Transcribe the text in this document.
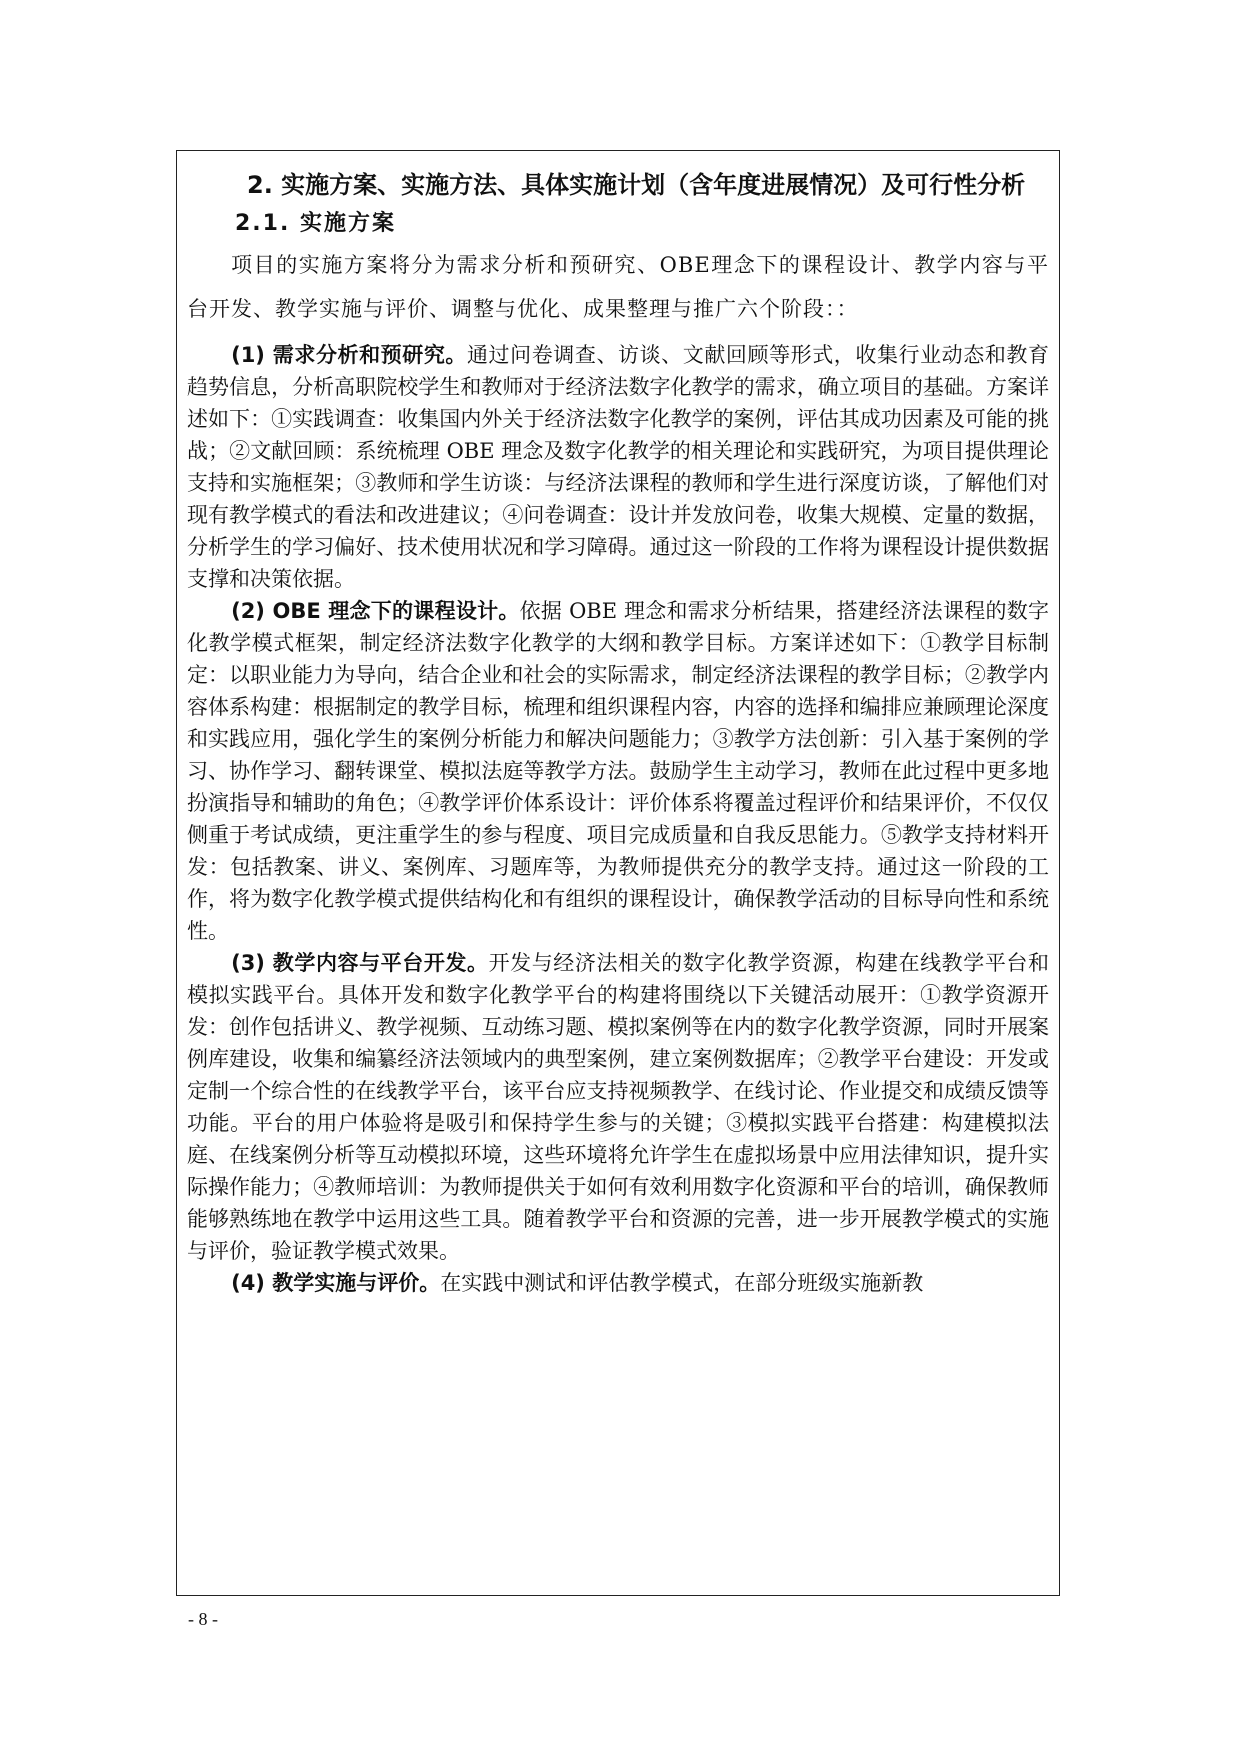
2. 实施方案、实施方法、具体实施计划（含年度进展情况）及可行性分析
2.1. 实施方案

项目的实施方案将分为需求分析和预研究、OBE理念下的课程设计、教学内容与平台开发、教学实施与评价、调整与优化、成果整理与推广六个阶段：：

(1) 需求分析和预研究。通过问卷调查、访谈、文献回顾等形式，收集行业动态和教育趋势信息，分析高职院校学生和教师对于经济法数字化教学的需求，确立项目的基础。方案详述如下：①实践调查：收集国内外关于经济法数字化教学的案例，评估其成功因素及可能的挑战；②文献回顾：系统梳理 OBE 理念及数字化教学的相关理论和实践研究，为项目提供理论支持和实施框架；③教师和学生访谈：与经济法课程的教师和学生进行深度访谈，了解他们对现有教学模式的看法和改进建议；④问卷调查：设计并发放问卷，收集大规模、定量的数据，分析学生的学习偏好、技术使用状况和学习障碍。通过这一阶段的工作将为课程设计提供数据支撑和决策依据。

(2) OBE 理念下的课程设计。依据 OBE 理念和需求分析结果，搭建经济法课程的数字化教学模式框架，制定经济法数字化教学的大纲和教学目标。方案详述如下：①教学目标制定：以职业能力为导向，结合企业和社会的实际需求，制定经济法课程的教学目标；②教学内容体系构建：根据制定的教学目标，梳理和组织课程内容，内容的选择和编排应兼顾理论深度和实践应用，强化学生的案例分析能力和解决问题能力；③教学方法创新：引入基于案例的学习、协作学习、翻转课堂、模拟法庭等教学方法。鼓励学生主动学习，教师在此过程中更多地扮演指导和辅助的角色；④教学评价体系设计：评价体系将覆盖过程评价和结果评价，不仅仅侧重于考试成绩，更注重学生的参与程度、项目完成质量和自我反思能力。⑤教学支持材料开发：包括教案、讲义、案例库、习题库等，为教师提供充分的教学支持。通过这一阶段的工作，将为数字化教学模式提供结构化和有组织的课程设计，确保教学活动的目标导向性和系统性。

(3) 教学内容与平台开发。开发与经济法相关的数字化教学资源，构建在线教学平台和模拟实践平台。具体开发和数字化教学平台的构建将围绕以下关键活动展开：①教学资源开发：创作包括讲义、教学视频、互动练习题、模拟案例等在内的数字化教学资源，同时开展案例库建设，收集和编纂经济法领域内的典型案例，建立案例数据库；②教学平台建设：开发或定制一个综合性的在线教学平台，该平台应支持视频教学、在线讨论、作业提交和成绩反馈等功能。平台的用户体验将是吸引和保持学生参与的关键；③模拟实践平台搭建：构建模拟法庭、在线案例分析等互动模拟环境，这些环境将允许学生在虚拟场景中应用法律知识，提升实际操作能力；④教师培训：为教师提供关于如何有效利用数字化资源和平台的培训，确保教师能够熟练地在教学中运用这些工具。随着教学平台和资源的完善，进一步开展教学模式的实施与评价，验证教学模式效果。

(4) 教学实施与评价。在实践中测试和评估教学模式，在部分班级实施新教

- 8 -
